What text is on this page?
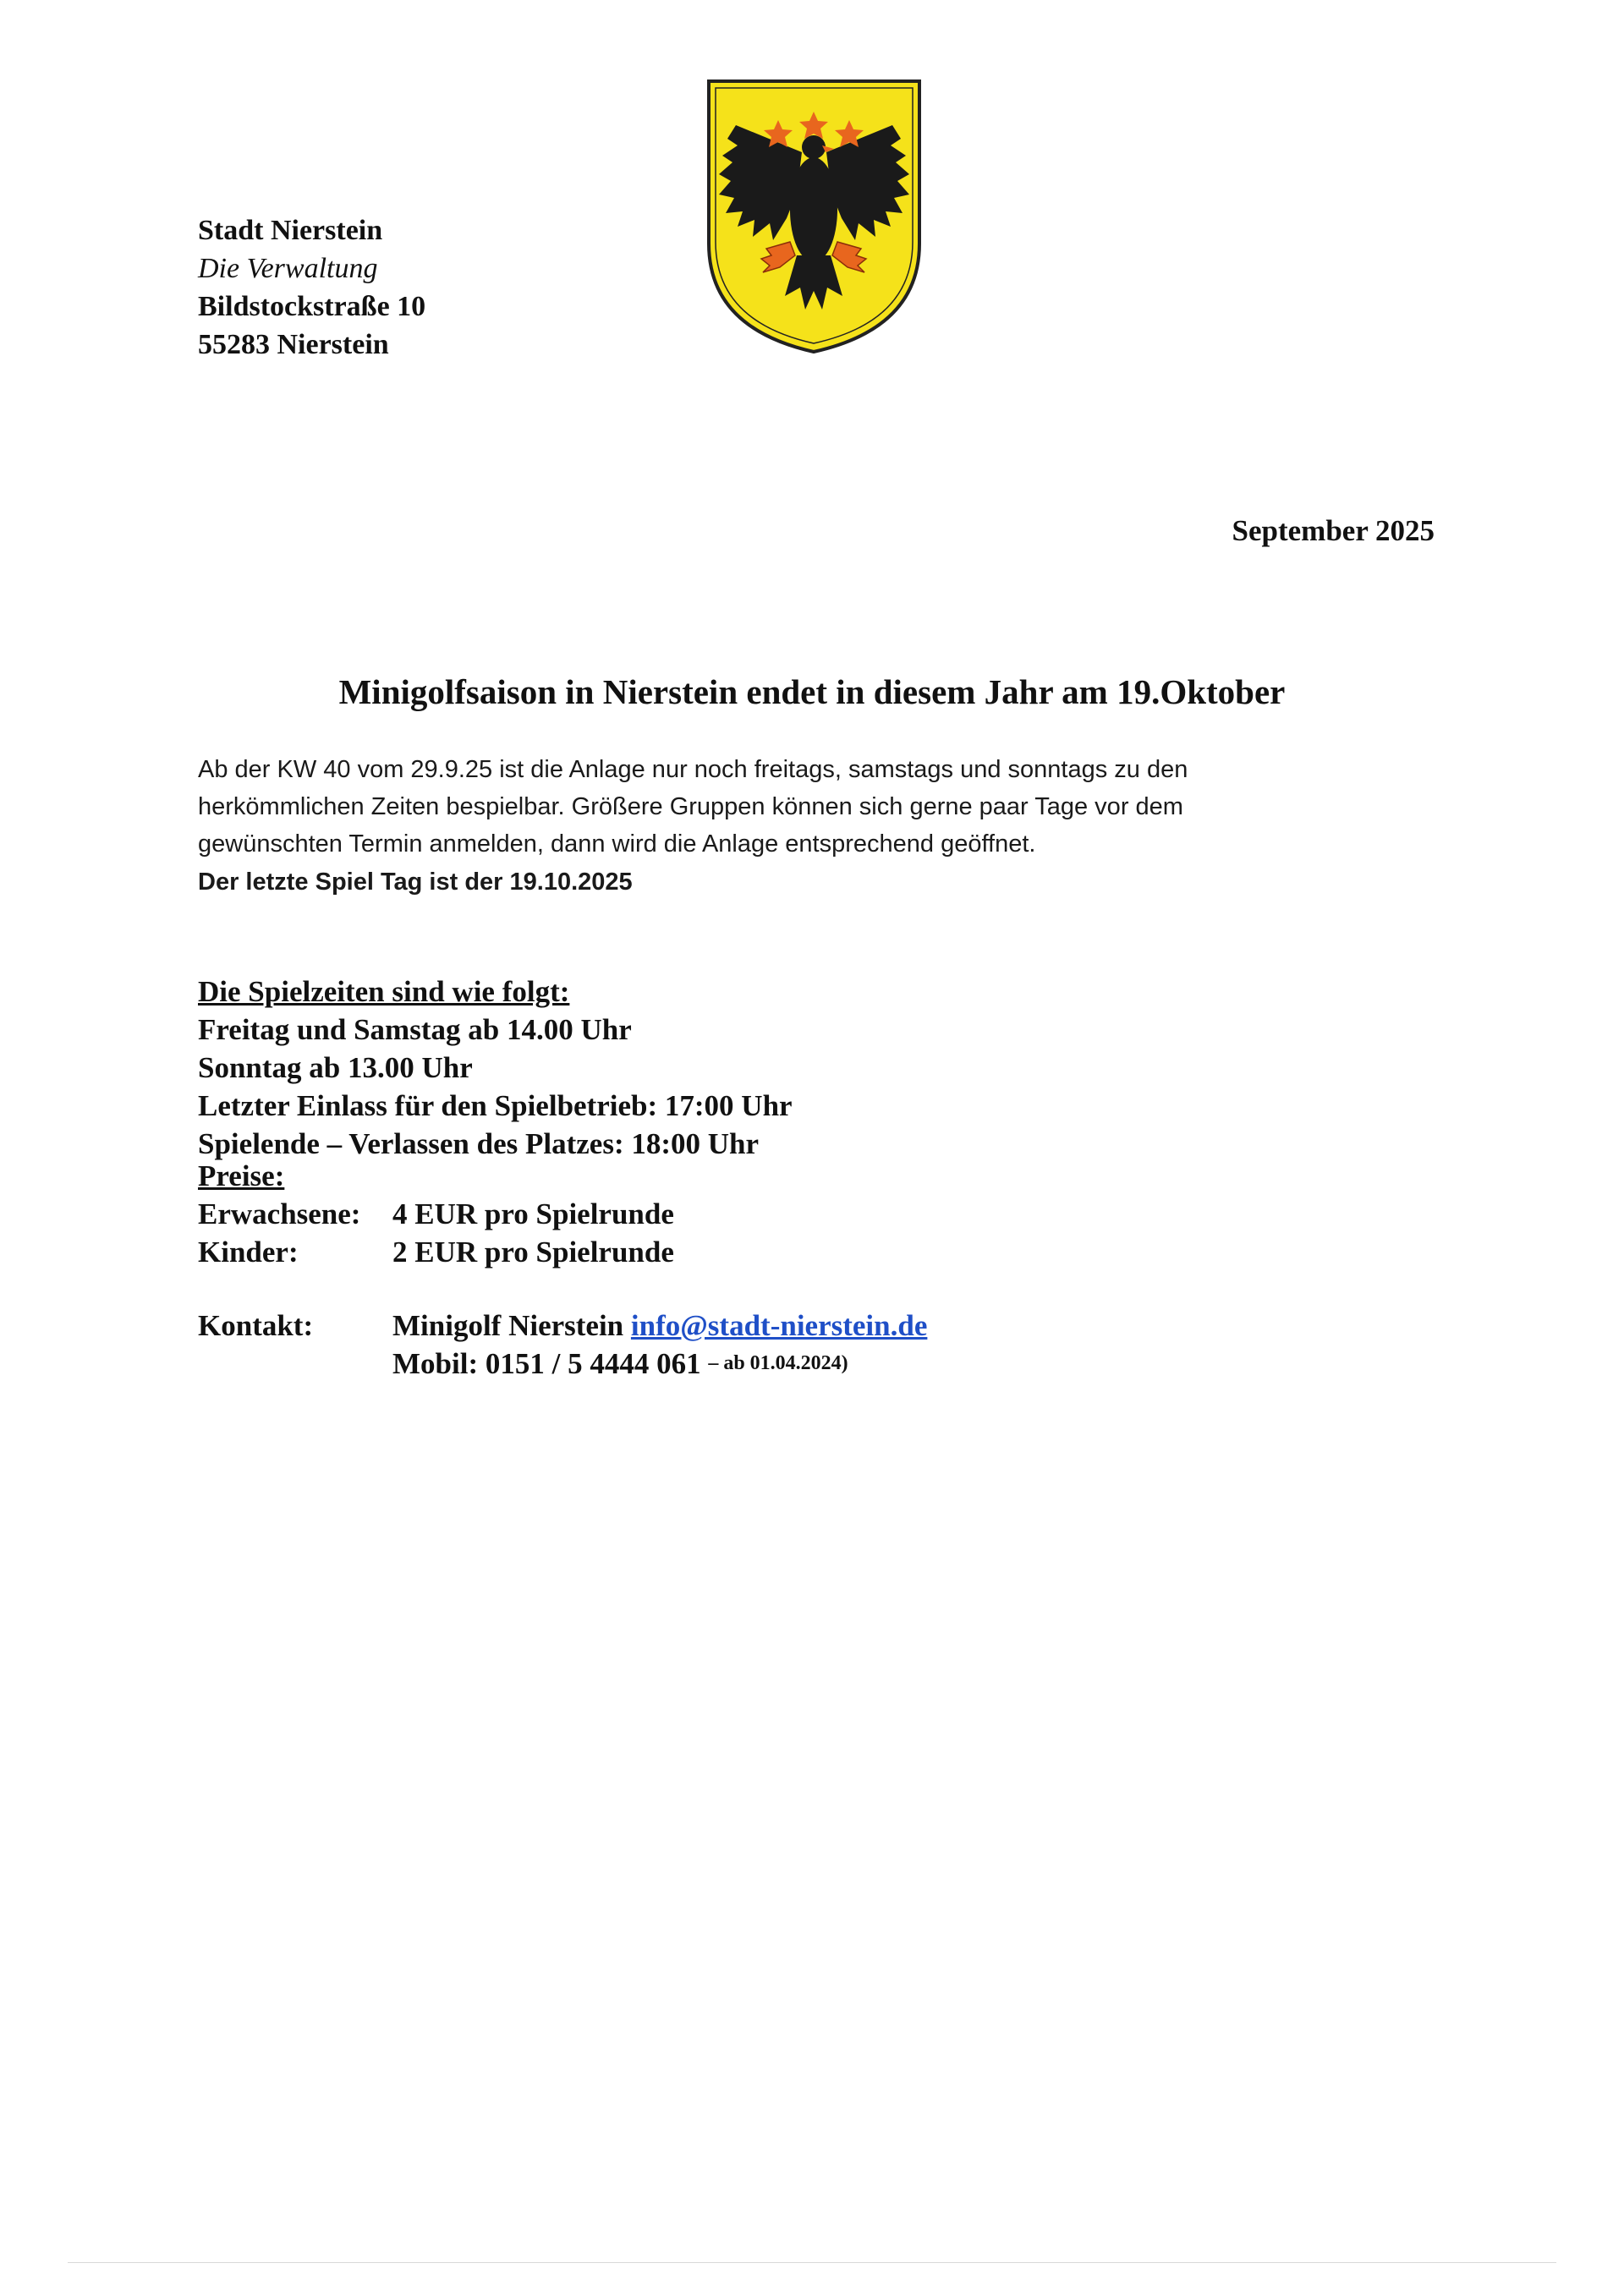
Stadt Nierstein
Die Verwaltung
Bildstockstraße 10
55283 Nierstein
September 2025
Minigolfsaison in Nierstein endet in diesem Jahr am 19.Oktober

Ab der KW 40 vom 29.9.25 ist die Anlage nur noch freitags, samstags und sonntags zu den

herkömmlichen Zeiten bespielbar. Größere Gruppen können sich gerne paar Tage vor dem

gewünschten Termin anmelden, dann wird die Anlage entsprechend geöffnet.

Der letzte Spiel Tag ist der 19.10.2025

Die Spielzeiten sind wie folgt:
Freitag und Samstag ab 14.00 Uhr
Sonntag ab 13.00 Uhr
Letzter Einlass für den Spielbetrieb: 17:00 Uhr
Spielende – Verlassen des Platzes: 18:00 Uhr
Preise:
Erwachsene:	4 EUR pro Spielrunde
Kinder:	2 EUR pro Spielrunde
Kontakt:	Minigolf Nierstein
info@stadt-nierstein.de
Mobil: 0151 / 5 4444 061
– ab 01.04.2024)
